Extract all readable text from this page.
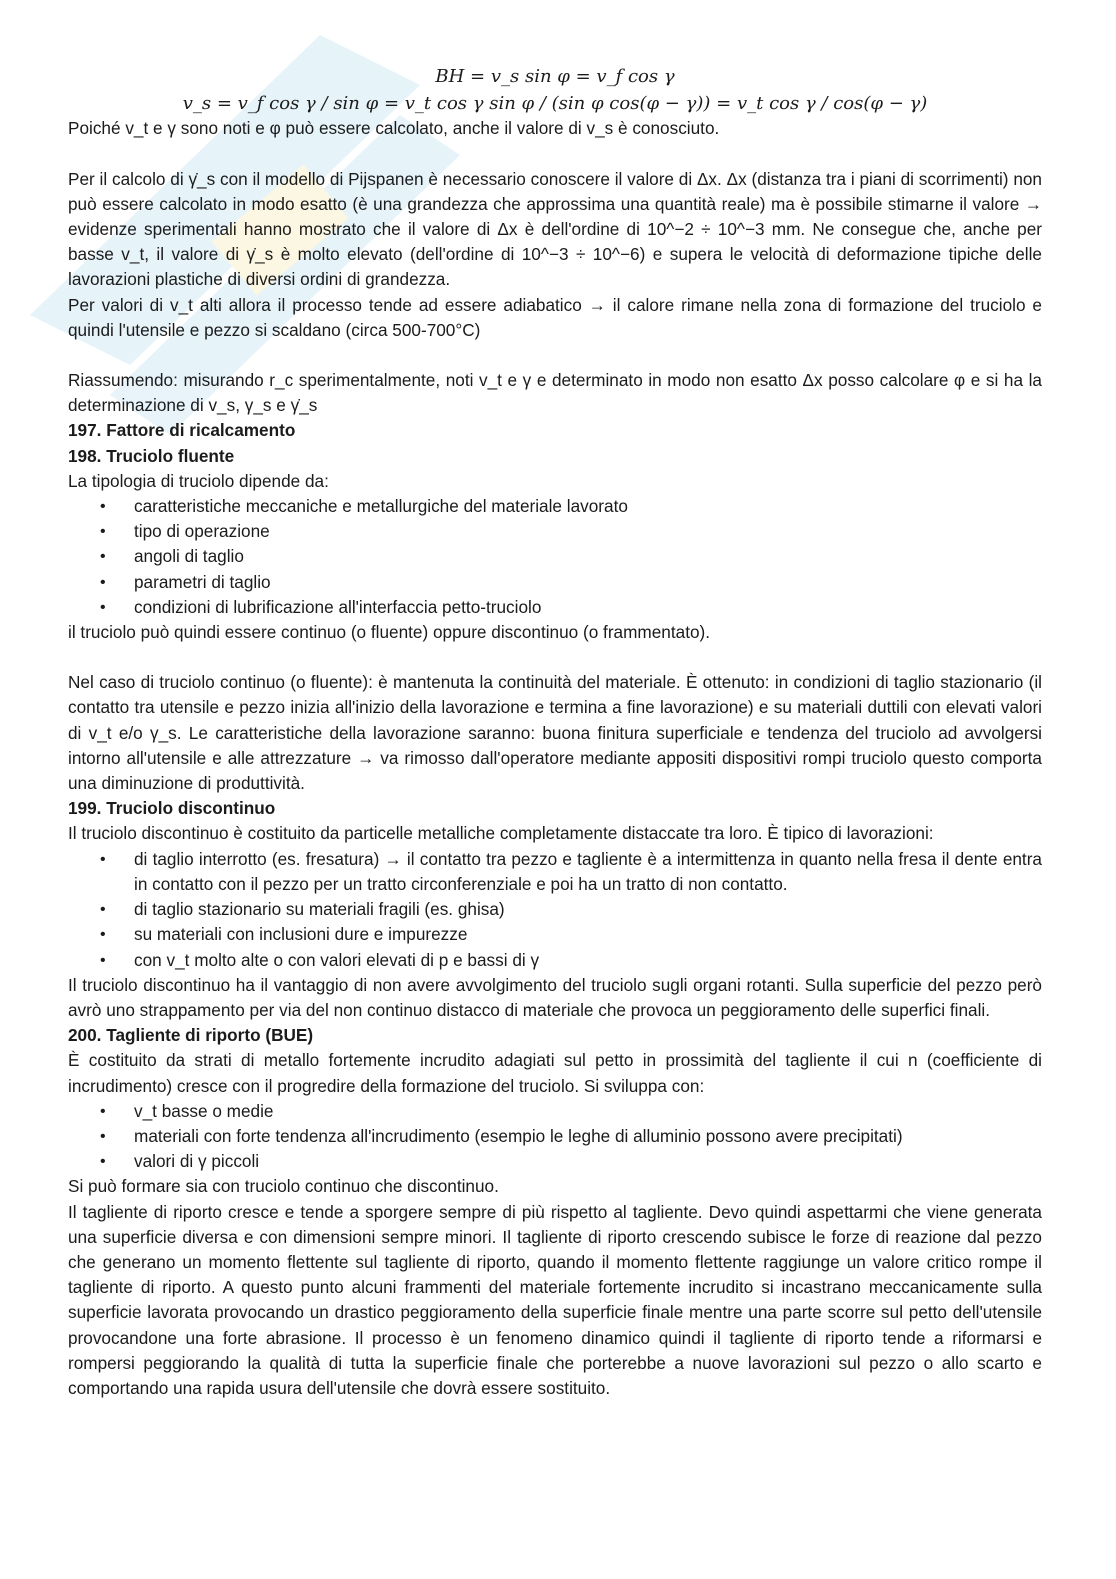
BH = v_s sin φ = v_f cos γ
v_s = v_f cos γ / sin φ = v_t cos γ sin φ / (sin φ cos(φ − γ)) = v_t cos γ / cos(φ − γ)

Poiché v_t e γ sono noti e φ può essere calcolato, anche il valore di v_s è conosciuto.

Per il calcolo di γ̇_s con il modello di Pijspanen è necessario conoscere il valore di Δx. Δx (distanza tra i piani di scorrimenti) non può essere calcolato in modo esatto (è una grandezza che approssima una quantità reale) ma è possibile stimarne il valore → evidenze sperimentali hanno mostrato che il valore di Δx è dell'ordine di 10^−2 ÷ 10^−3 mm. Ne consegue che, anche per basse v_t, il valore di γ̇_s è molto elevato (dell'ordine di 10^−3 ÷ 10^−6) e supera le velocità di deformazione tipiche delle lavorazioni plastiche di diversi ordini di grandezza.

Per valori di v_t alti allora il processo tende ad essere adiabatico → il calore rimane nella zona di formazione del truciolo e quindi l'utensile e pezzo si scaldano (circa 500-700°C)

Riassumendo: misurando r_c sperimentalmente, noti v_t e γ e determinato in modo non esatto Δx posso calcolare φ e si ha la determinazione di v_s, γ_s e γ̇_s

197. Fattore di ricalcamento
198. Truciolo fluente

La tipologia di truciolo dipende da:

• caratteristiche meccaniche e metallurgiche del materiale lavorato
• tipo di operazione
• angoli di taglio
• parametri di taglio
• condizioni di lubrificazione all'interfaccia petto-truciolo

il truciolo può quindi essere continuo (o fluente) oppure discontinuo (o frammentato).

Nel caso di truciolo continuo (o fluente): è mantenuta la continuità del materiale. È ottenuto: in condizioni di taglio stazionario (il contatto tra utensile e pezzo inizia all'inizio della lavorazione e termina a fine lavorazione) e su materiali duttili con elevati valori di v_t e/o γ_s. Le caratteristiche della lavorazione saranno: buona finitura superficiale e tendenza del truciolo ad avvolgersi intorno all'utensile e alle attrezzature → va rimosso dall'operatore mediante appositi dispositivi rompi truciolo questo comporta una diminuzione di produttività.

199. Truciolo discontinuo

Il truciolo discontinuo è costituito da particelle metalliche completamente distaccate tra loro. È tipico di lavorazioni:

• di taglio interrotto (es. fresatura) → il contatto tra pezzo e tagliente è a intermittenza in quanto nella fresa il dente entra in contatto con il pezzo per un tratto circonferenziale e poi ha un tratto di non contatto.
• di taglio stazionario su materiali fragili (es. ghisa)
• su materiali con inclusioni dure e impurezze
• con v_t molto alte o con valori elevati di p e bassi di γ

Il truciolo discontinuo ha il vantaggio di non avere avvolgimento del truciolo sugli organi rotanti. Sulla superficie del pezzo però avrò uno strappamento per via del non continuo distacco di materiale che provoca un peggioramento delle superfici finali.

200. Tagliente di riporto (BUE)

È costituito da strati di metallo fortemente incrudito adagiati sul petto in prossimità del tagliente il cui n (coefficiente di incrudimento) cresce con il progredire della formazione del truciolo. Si sviluppa con:

• v_t basse o medie
• materiali con forte tendenza all'incrudimento (esempio le leghe di alluminio possono avere precipitati)
• valori di γ piccoli

Si può formare sia con truciolo continuo che discontinuo.

Il tagliente di riporto cresce e tende a sporgere sempre di più rispetto al tagliente. Devo quindi aspettarmi che viene generata una superficie diversa e con dimensioni sempre minori. Il tagliente di riporto crescendo subisce le forze di reazione dal pezzo che generano un momento flettente sul tagliente di riporto, quando il momento flettente raggiunge un valore critico rompe il tagliente di riporto. A questo punto alcuni frammenti del materiale fortemente incrudito si incastrano meccanicamente sulla superficie lavorata provocando un drastico peggioramento della superficie finale mentre una parte scorre sul petto dell'utensile provocandone una forte abrasione. Il processo è un fenomeno dinamico quindi il tagliente di riporto tende a riformarsi e rompersi peggiorando la qualità di tutta la superficie finale che porterebbe a nuove lavorazioni sul pezzo o allo scarto e comportando una rapida usura dell'utensile che dovrà essere sostituito.
